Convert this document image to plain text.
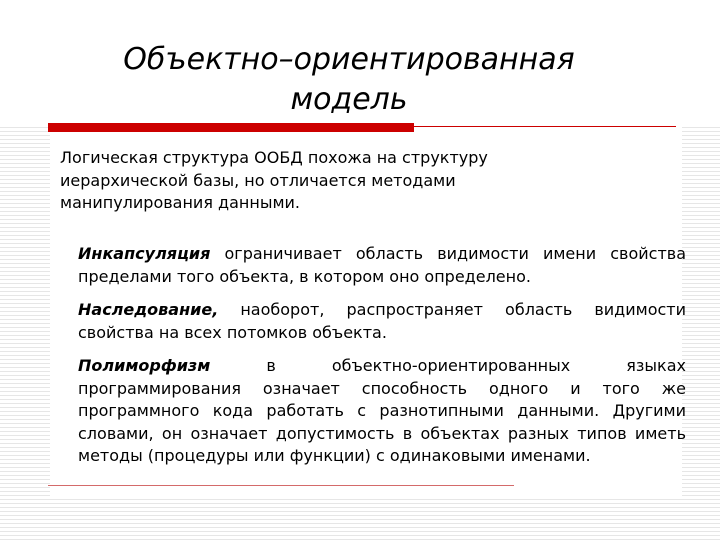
Объектно–ориентированная
модель
Логическая структура ООБД похожа на структуру иерархической базы, но отличается методами манипулирования данными.
Инкапсуляция ограничивает область видимости имени свойства пределами того объекта, в котором оно определено.
Наследование, наоборот, распространяет область видимости свойства на всех потомков объекта.
Полиморфизм в объектно-ориентированных языках программирования означает способность одного и того же программного кода работать с разнотипными данными. Другими словами, он означает допустимость в объектах разных типов иметь методы (процедуры или функции) с одинаковыми именами.
